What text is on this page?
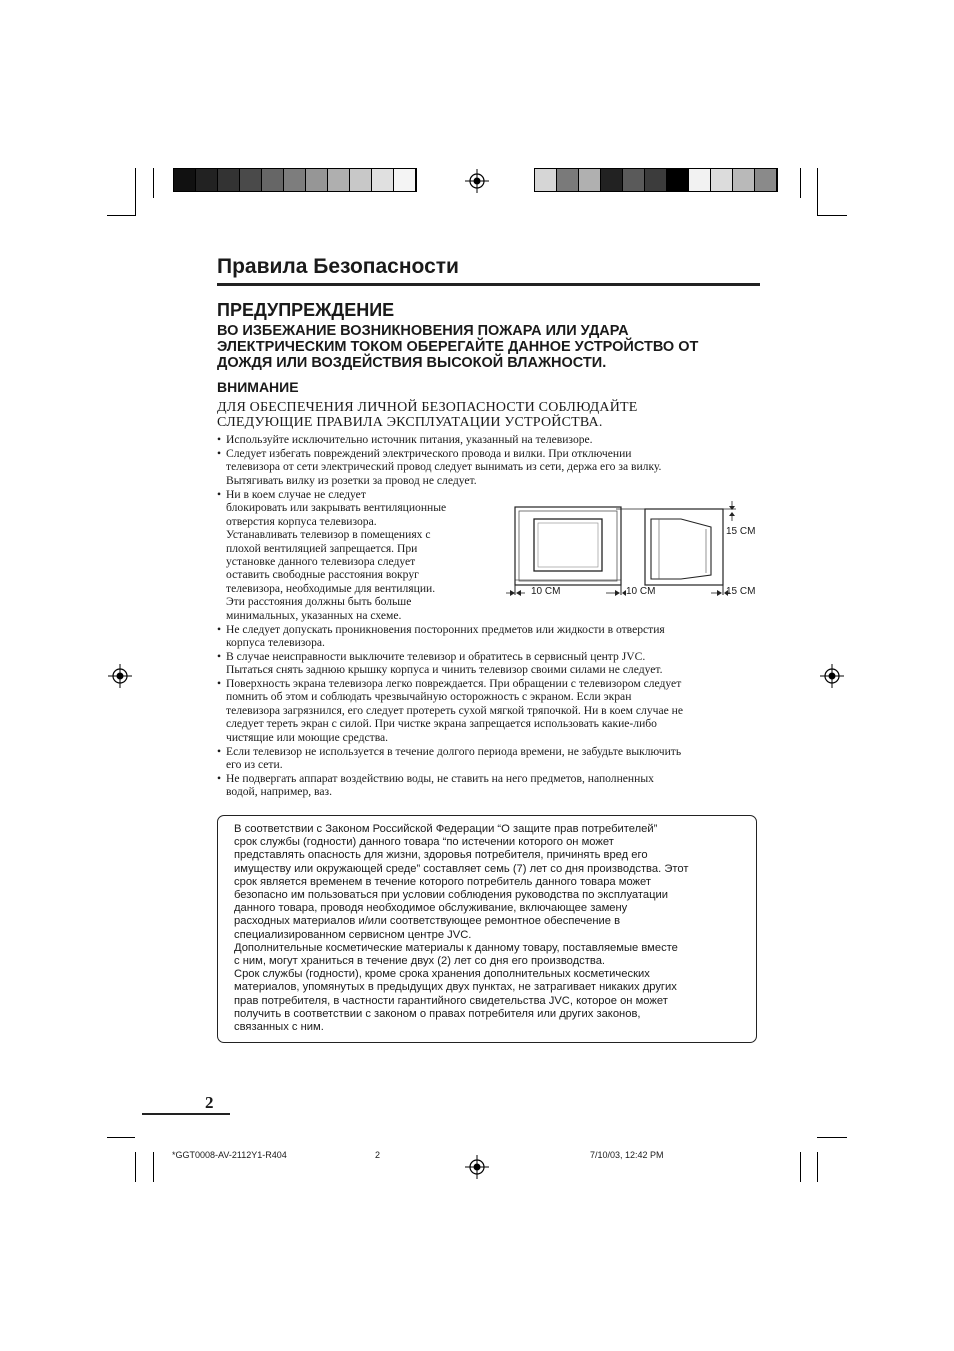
Правила Безопасности
ПРЕДУПРЕЖДЕНИЕ
ВО ИЗБЕЖАНИЕ ВОЗНИКНОВЕНИЯ ПОЖАРА ИЛИ УДАРА
ЭЛЕКТРИЧЕСКИМ ТОКОМ ОБЕРЕГАЙТЕ ДАННОЕ УСТРОЙСТВО ОТ
ДОЖДЯ ИЛИ ВОЗДЕЙСТВИЯ ВЫСОКОЙ ВЛАЖНОСТИ.
ВНИМАНИЕ
ДЛЯ ОБЕСПЕЧЕНИЯ ЛИЧНОЙ БЕЗОПАСНОСТИ СОБЛЮДАЙТЕ
СЛЕДУЮЩИЕ ПРАВИЛА ЭКСПЛУАТАЦИИ УСТРОЙСТВА.
• Используйте исключительно источник питания, указанный на телевизоре.
• Следует избегать повреждений электрического провода и вилки. При отключении
телевизора от сети электрический провод следует вынимать из сети, держа его за вилку.
Вытягивать вилку из розетки за провод не следует.
• Ни в коем случае не следует
блокировать или закрывать вентиляционные
отверстия корпуса телевизора.
Устанавливать телевизор в помещениях с
плохой вентиляцией запрещается. При
установке данного телевизора следует
оставить свободные расстояния вокруг
телевизора, необходимые для вентиляции.
Эти расстояния должны быть больше
минимальных, указанных на схеме.
• Не следует допускать проникновения посторонних предметов или жидкости в отверстия
корпуса телевизора.
• В случае неисправности выключите телевизор и обратитесь в сервисный центр JVC.
Пытаться снять заднюю крышку корпуса и чинить телевизор своими силами не следует.
• Поверхность экрана телевизора легко повреждается. При обращении с телевизором следует
помнить об этом и соблюдать чрезвычайную осторожность с экраном. Если экран
телевизора загрязнился, его следует протереть сухой мягкой тряпочкой. Ни в коем случае не
следует тереть экран с силой. При чистке экрана запрещается использовать какие-либо
чистящие или моющие средства.
• Если телевизор не используется в течение долгого периода времени, не забудьте выключить
его из сети.
• Не подвергать аппарат воздействию воды, не ставить на него предметов, наполненных
водой, например, ваз.
10 CM	10 CM	15 CM
15 CM

В соответствии с Законом Российской Федерации “О защите прав потребителей”

срок службы (годности) данного товара “по истечении которого он может

представлять опасность для жизни, здоровья потребителя, причинять вред его

имуществу или окружающей среде” составляет семь (7) лет со дня производства. Этот

срок является временем в течение которого потребитель данного товара может

безопасно им пользоваться при условии соблюдения руководства по эксплуатации

данного товара, проводя необходимое обслуживание, включающее замену

расходных материалов и/или соответствующее ремонтное обеспечение в

специализированном сервисном центре JVC.

Дополнительные косметические материалы к данному товару, поставляемые вместе

с ним, могут храниться в течение двух (2) лет со дня его производства.

Срок службы (годности), кроме срока хранения дополнительных косметических

материалов, упомянутых в предыдущих двух пунктах, не затрагивает никаких других

прав потребителя, в частности гарантийного свидетельства JVC, которое он может

получить в соответствии с законом о правах потребителя или других законов,

связанных с ним.

2
*GGT0008-AV-2112Y1-R404	2	7/10/03, 12:42 PM
